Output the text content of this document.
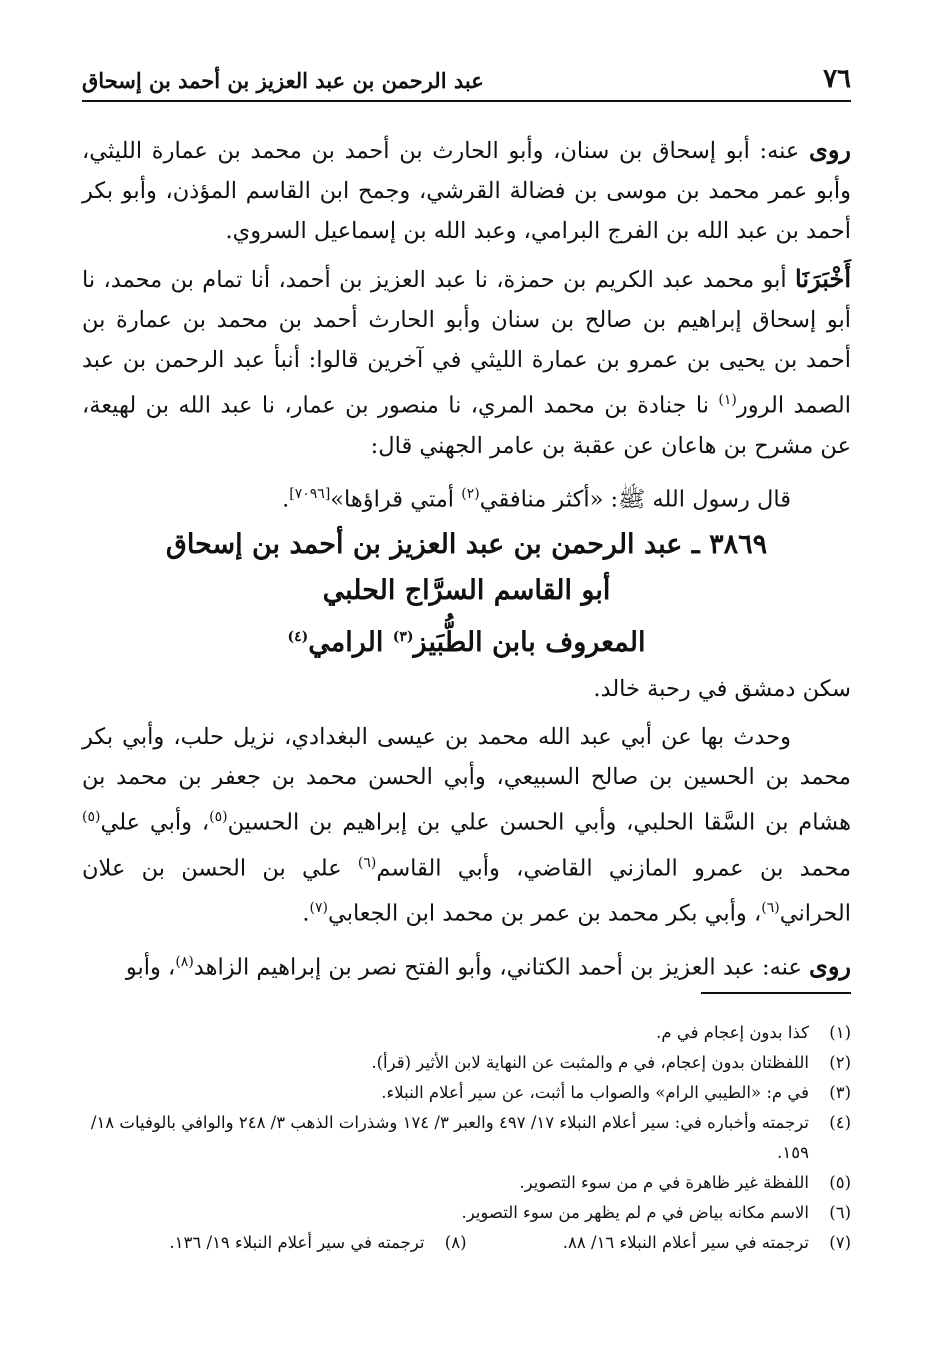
٧٦
عبد الرحمن بن عبد العزيز بن أحمد بن إسحاق

روى عنه: أبو إسحاق بن سنان، وأبو الحارث بن أحمد بن محمد بن عمارة الليثي، وأبو عمر محمد بن موسى بن فضالة القرشي، وجمح ابن القاسم المؤذن، وأبو بكر أحمد بن عبد الله بن الفرج البرامي، وعبد الله بن إسماعيل السروي.

أَخْبَرَنَا أبو محمد عبد الكريم بن حمزة، نا عبد العزيز بن أحمد، أنا تمام بن محمد، نا أبو إسحاق إبراهيم بن صالح بن سنان وأبو الحارث أحمد بن محمد بن عمارة بن أحمد بن يحيى بن عمرو بن عمارة الليثي في آخرين قالوا: أنبأ عبد الرحمن بن عبد الصمد الرور$^{(١)}$ نا جنادة بن محمد المري، نا منصور بن عمار، نا عبد الله بن لهيعة، عن مشرح بن هاعان عن عقبة بن عامر الجهني قال:

قال رسول الله ﷺ: «أكثر منافقي$^{(٢)}$ أمتي قراؤها»[٧٠٩٦].

٣٨٦٩ ـ عبد الرحمن بن عبد العزيز بن أحمد بن إسحاق
أبو القاسم السرَّاج الحلبي
المعروف بابن الطُّبَيز$^{(٣)}$ الرامي$^{(٤)}$

سكن دمشق في رحبة خالد.

وحدث بها عن أبي عبد الله محمد بن عيسى البغدادي، نزيل حلب، وأبي بكر محمد بن الحسين بن صالح السبيعي، وأبي الحسن محمد بن جعفر بن محمد بن هشام بن السَّقا الحلبي، وأبي الحسن علي بن إبراهيم بن الحسين$^{(٥)}$، وأبي علي$^{(٥)}$ محمد بن عمرو المازني القاضي، وأبي القاسم$^{(٦)}$ علي بن الحسن بن علان الحراني$^{(٦)}$، وأبي بكر محمد بن عمر بن محمد ابن الجعابي$^{(٧)}$.

روى عنه: عبد العزيز بن أحمد الكتاني، وأبو الفتح نصر بن إبراهيم الزاهد$^{(٨)}$، وأبو

(١)
كذا بدون إعجام في م.
(٢)
اللفظتان بدون إعجام، في م والمثبت عن النهاية لابن الأثير (قرأ).
(٣)
في م: «الطيبي الرام» والصواب ما أثبت، عن سير أعلام النبلاء.
(٤)
ترجمته وأخباره في: سير أعلام النبلاء ١٧/ ٤٩٧ والعبر ٣/ ١٧٤ وشذرات الذهب ٣/ ٢٤٨ والوافي بالوفيات ١٨/ ١٥٩.
(٥)
اللفظة غير ظاهرة في م من سوء التصوير.
(٦)
الاسم مكانه بياض في م لم يظهر من سوء التصوير.
(٧)
ترجمته في سير أعلام النبلاء ١٦/ ٨٨.
(٨)
ترجمته في سير أعلام النبلاء ١٩/ ١٣٦.
